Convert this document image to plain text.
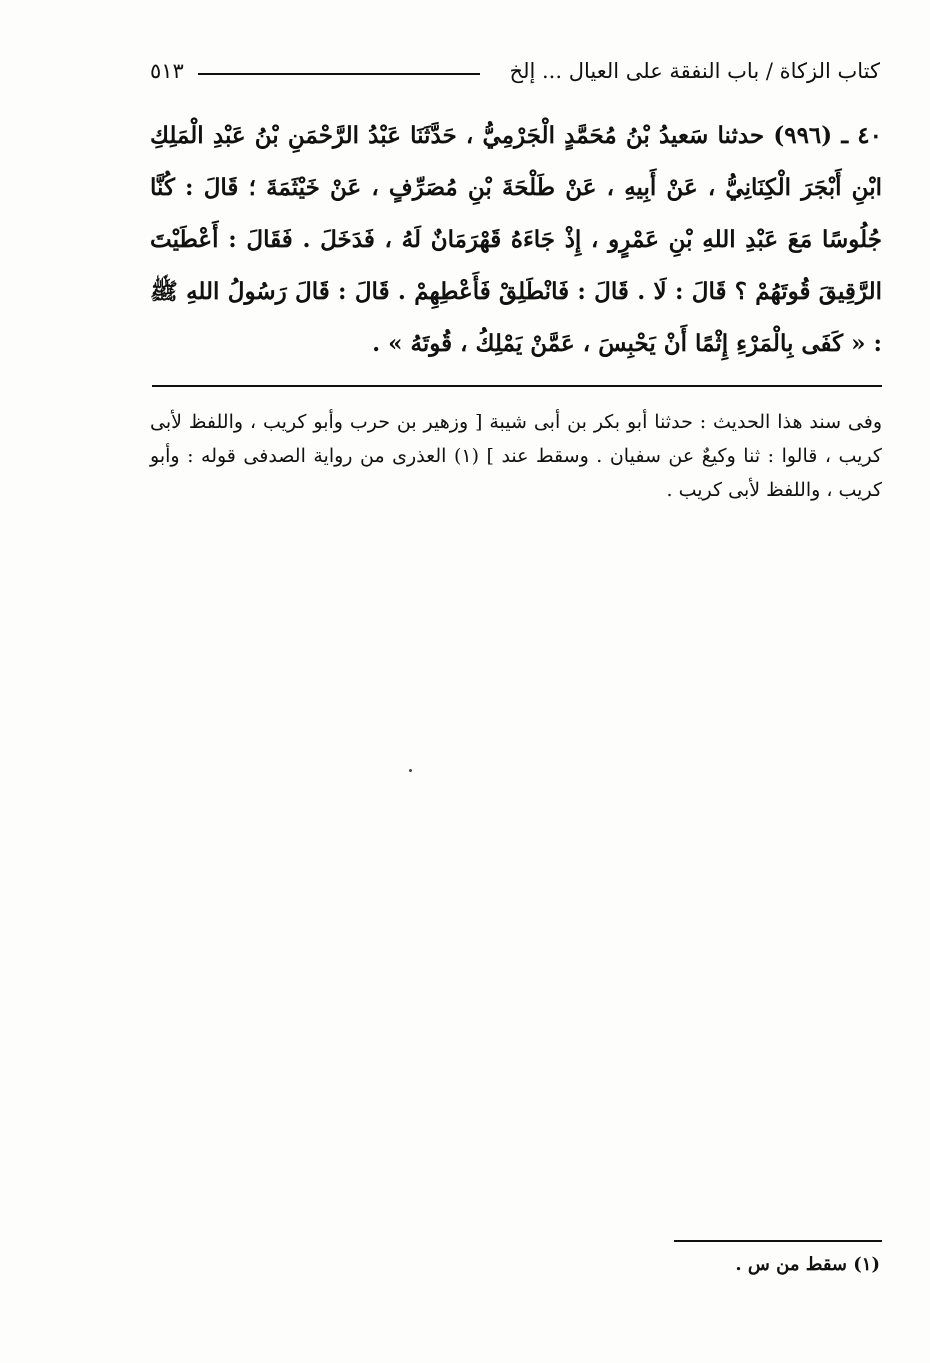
كتاب الزكاة / باب النفقة على العيال ... إلخ
٥١٣

٤٠ ـ (٩٩٦) حدثنا سَعيدُ بْنُ مُحَمَّدٍ الْجَرْمِيُّ ، حَدَّثَنَا عَبْدُ الرَّحْمَنِ بْنُ عَبْدِ الْمَلِكِ ابْنِ أَبْجَرَ الْكِنَانِيُّ ، عَنْ أَبِيهِ ، عَنْ طَلْحَةَ بْنِ مُصَرِّفٍ ، عَنْ خَيْثَمَةَ ؛ قَالَ : كُنَّا جُلُوسًا مَعَ عَبْدِ اللهِ بْنِ عَمْرٍو ، إِذْ جَاءَهُ قَهْرَمَانٌ لَهُ ، فَدَخَلَ . فَقَالَ : أَعْطَيْتَ الرَّقِيقَ قُوتَهُمْ ؟ قَالَ : لَا . قَالَ : فَانْطَلِقْ فَأَعْطِهِمْ . قَالَ : قَالَ رَسُولُ اللهِ ﷺ : « كَفَى بِالْمَرْءِ إِثْمًا أَنْ يَحْبِسَ ، عَمَّنْ يَمْلِكُ ، قُوتَهُ » .

وفى سند هذا الحديث : حدثنا أبو بكر بن أبى شيبة [ وزهير بن حرب وأبو كريب ، واللفظ لأبى كريب ، قالوا : ثنا وكيعٌ عن سفيان . وسقط عند ] (١) العذرى من رواية الصدفى قوله : وأبو كريب ، واللفظ لأبى كريب .

(١) سقط من س .
